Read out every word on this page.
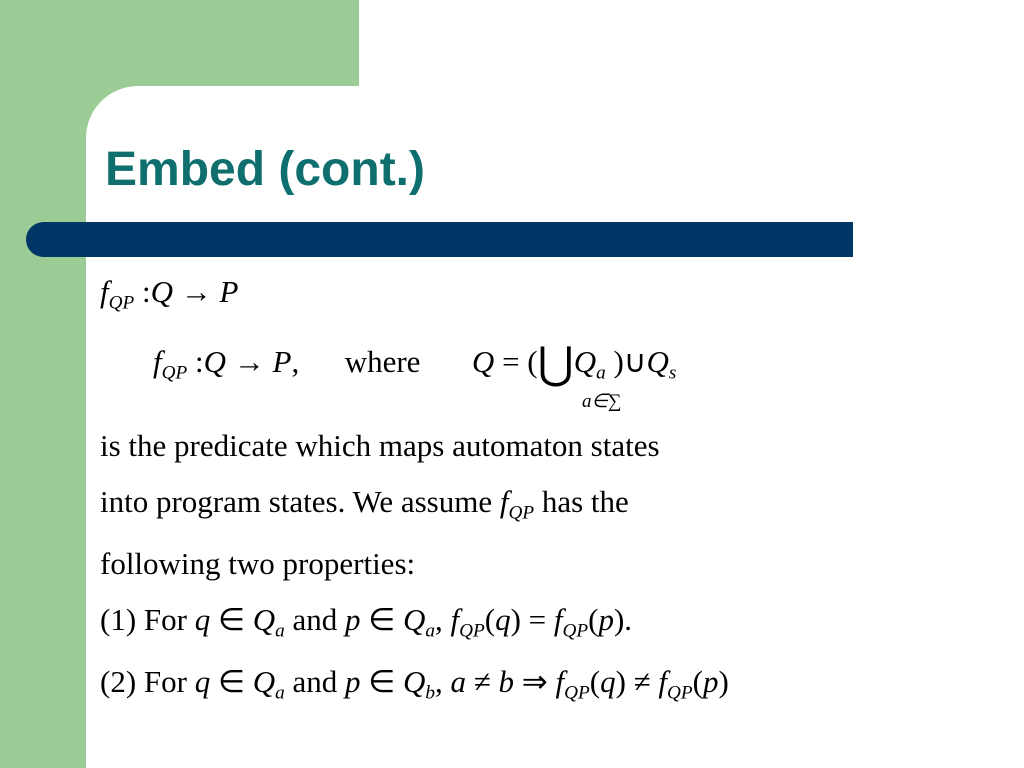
Embed (cont.)
$f_{QP}$ :Q → P
$f_{QP}$ :Q → P, where $Q = (⋃Q_a$ )$\cup Q_s$
a∈∑
is the predicate which maps automaton states
into program states. We assume $f_{QP}$ has the
following two properties:
(1) For q ∈ $Q_a$ and p ∈ $Q_a$, $f_{QP}(q) = f_{QP}(p)$.
(2) For q ∈ $Q_a$ and p ∈ $Q_b$, a ≠ b ⇒ $f_{QP}(q) \ne f_{QP}(p)$
